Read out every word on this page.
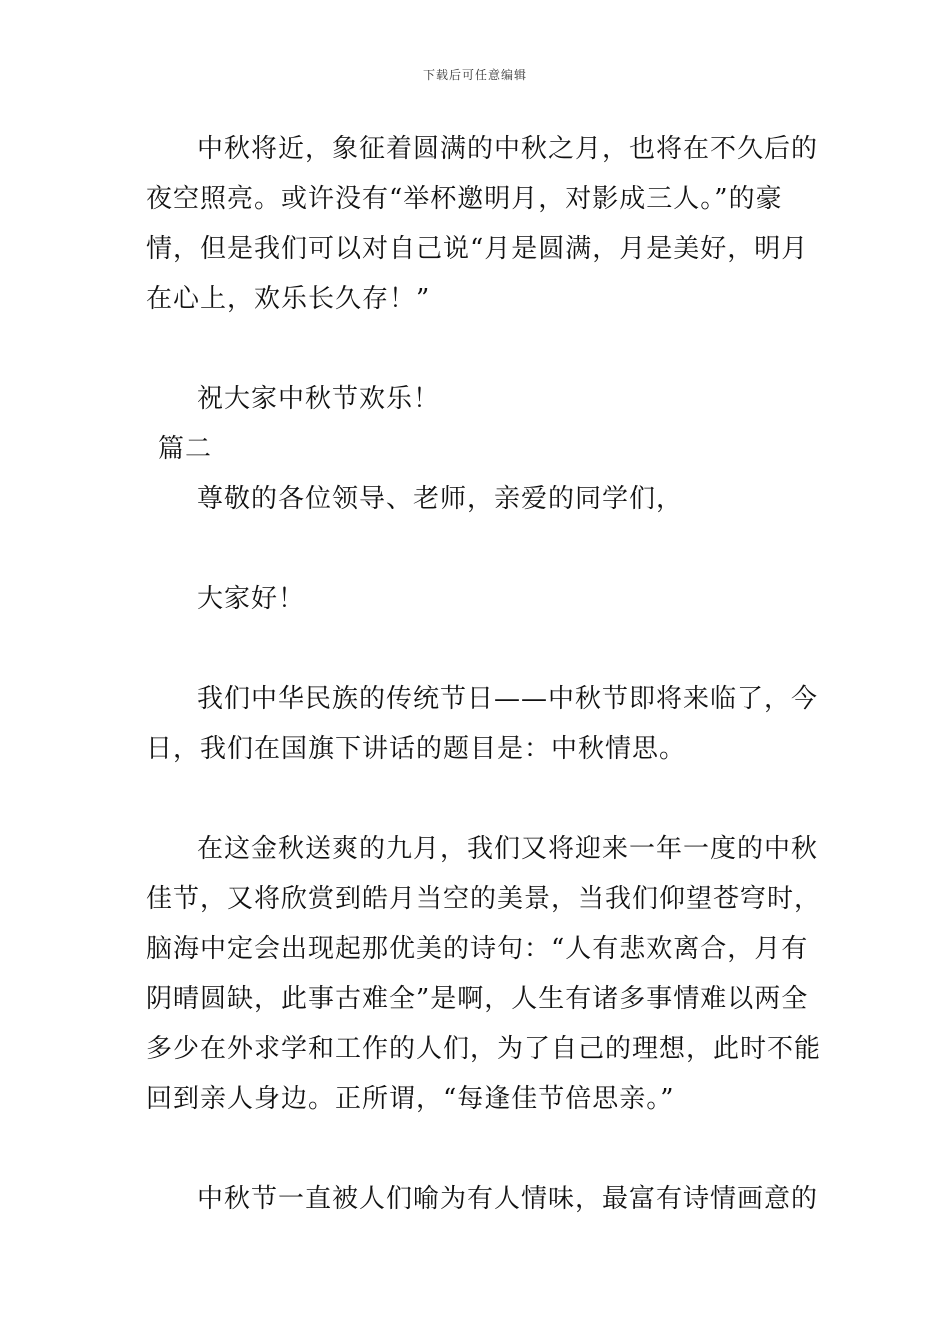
下载后可任意编辑
中秋将近，象征着圆满的中秋之月，也将在不久后的
夜空照亮。或许没有“举杯邀明月，对影成三人。”的豪
情，但是我们可以对自己说“月是圆满，月是美好，明月
在心上，欢乐长久存！”
祝大家中秋节欢乐！
篇二
尊敬的各位领导、老师，亲爱的同学们，
大家好！
我们中华民族的传统节日——中秋节即将来临了，今
日，我们在国旗下讲话的题目是：中秋情思。
在这金秋送爽的九月，我们又将迎来一年一度的中秋
佳节，又将欣赏到皓月当空的美景，当我们仰望苍穹时，
脑海中定会出现起那优美的诗句：“人有悲欢离合，月有
阴晴圆缺，此事古难全”是啊，人生有诸多事情难以两全
多少在外求学和工作的人们，为了自己的理想，此时不能
回到亲人身边。正所谓，“每逢佳节倍思亲。”
中秋节一直被人们喻为有人情味，最富有诗情画意的
